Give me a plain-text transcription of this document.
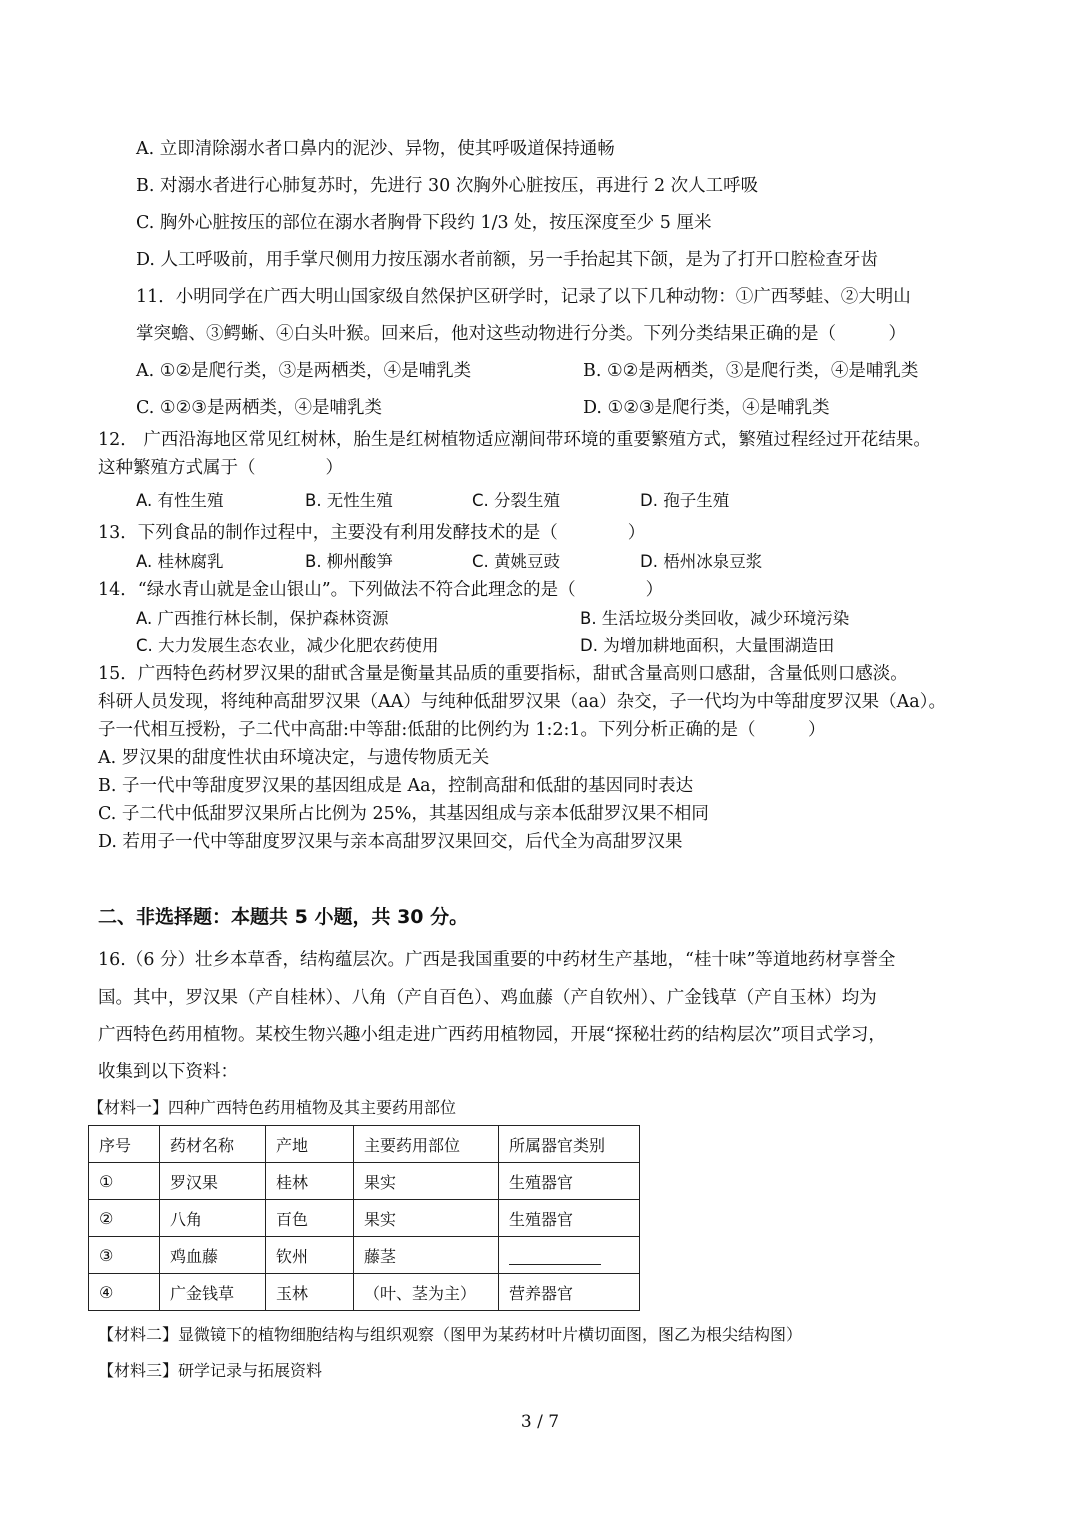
A. 立即清除溺水者口鼻内的泥沙、异物，使其呼吸道保持通畅
B. 对溺水者进行心肺复苏时，先进行 30 次胸外心脏按压，再进行 2 次人工呼吸
C. 胸外心脏按压的部位在溺水者胸骨下段约 1/3 处，按压深度至少 5 厘米
D. 人工呼吸前，用手掌尺侧用力按压溺水者前额，另一手抬起其下颌，是为了打开口腔检查牙齿
11．小明同学在广西大明山国家级自然保护区研学时，记录了以下几种动物：①广西琴蛙、②大明山
掌突蟾、③鳄蜥、④白头叶猴。回来后，他对这些动物进行分类。下列分类结果正确的是（　　　）
A. ①②是爬行类，③是两栖类，④是哺乳类	B. ①②是两栖类，③是爬行类，④是哺乳类
C. ①②③是两栖类，④是哺乳类	D. ①②③是爬行类，④是哺乳类
12． 广西沿海地区常见红树林，胎生是红树植物适应潮间带环境的重要繁殖方式，繁殖过程经过开花结果。
这种繁殖方式属于（　　　　）
A. 有性生殖	B. 无性生殖	C. 分裂生殖	D. 孢子生殖
13．下列食品的制作过程中，主要没有利用发酵技术的是（　　　　）
A. 桂林腐乳	B. 柳州酸笋	C. 黄姚豆豉	D. 梧州冰泉豆浆
14．“绿水青山就是金山银山”。下列做法不符合此理念的是（　　　　）
A. 广西推行林长制，保护森林资源	B. 生活垃圾分类回收，减少环境污染
C. 大力发展生态农业，减少化肥农药使用	D. 为增加耕地面积，大量围湖造田
15．广西特色药材罗汉果的甜甙含量是衡量其品质的重要指标，甜甙含量高则口感甜，含量低则口感淡。
科研人员发现，将纯种高甜罗汉果（AA）与纯种低甜罗汉果（aa）杂交，子一代均为中等甜度罗汉果（Aa）。
子一代相互授粉，子二代中高甜:中等甜:低甜的比例约为 1:2:1。下列分析正确的是（　　　）
A. 罗汉果的甜度性状由环境决定，与遗传物质无关
B. 子一代中等甜度罗汉果的基因组成是 Aa，控制高甜和低甜的基因同时表达
C. 子二代中低甜罗汉果所占比例为 25%，其基因组成与亲本低甜罗汉果不相同
D. 若用子一代中等甜度罗汉果与亲本高甜罗汉果回交，后代全为高甜罗汉果
二、非选择题：本题共 5 小题，共 30 分。
16.（6 分）壮乡本草香，结构蕴层次。广西是我国重要的中药材生产基地，“桂十味”等道地药材享誉全
国。其中，罗汉果（产自桂林）、八角（产自百色）、鸡血藤（产自钦州）、广金钱草（产自玉林）均为
广西特色药用植物。某校生物兴趣小组走进广西药用植物园，开展“探秘壮药的结构层次”项目式学习，
收集到以下资料：
【材料一】四种广西特色药用植物及其主要药用部位
序号	药材名称	产地	主要药用部位	所属器官类别
①	罗汉果	桂林	果实	生殖器官
②	八角	百色	果实	生殖器官
③	鸡血藤	钦州	藤茎	
④	广金钱草	玉林	（叶、茎为主）	营养器官
【材料二】显微镜下的植物细胞结构与组织观察（图甲为某药材叶片横切面图，图乙为根尖结构图）
【材料三】研学记录与拓展资料
3 / 7
